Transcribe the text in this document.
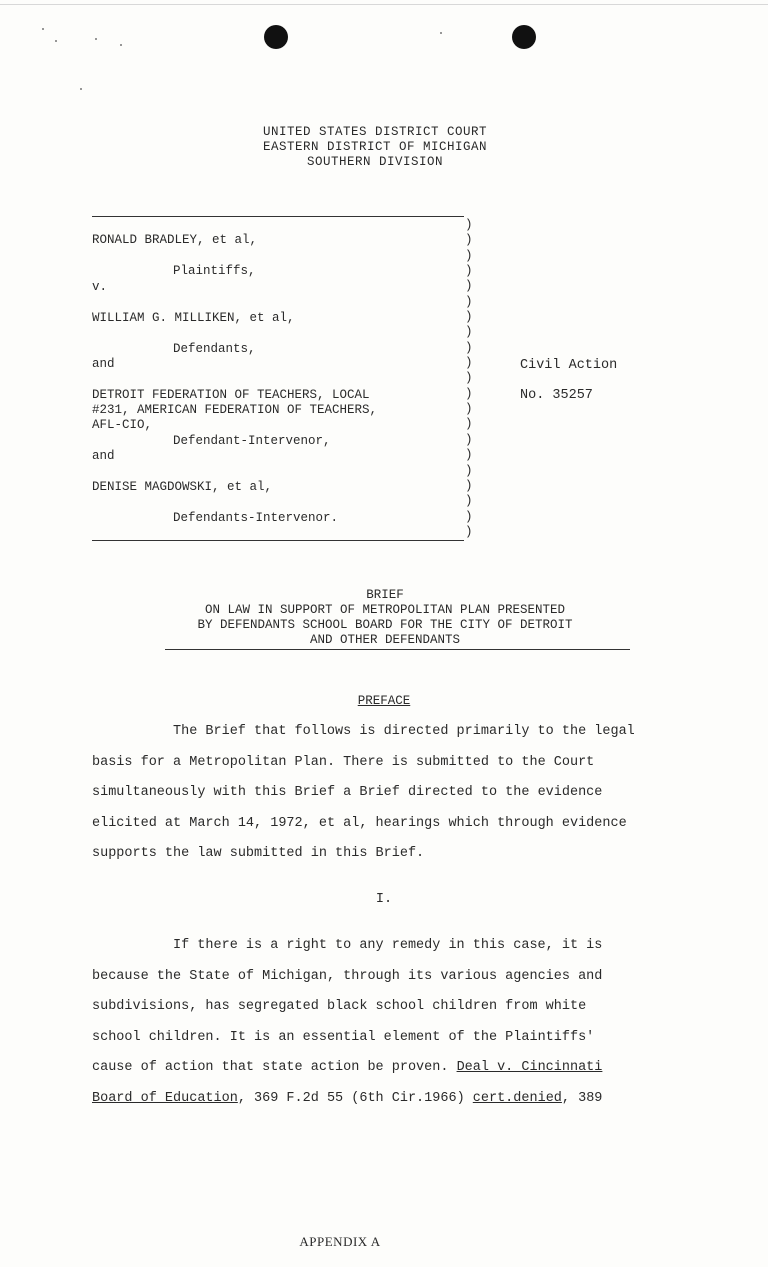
UNITED STATES DISTRICT COURT
EASTERN DISTRICT OF MICHIGAN
SOUTHERN DIVISION
)
)
)
)
)
)
)
)
)
)
)
)
)
)
)
)
)
)
)
)
)
RONALD BRADLEY, et al,
Plaintiffs,
v.
WILLIAM G. MILLIKEN, et al,
Defendants,
and
DETROIT FEDERATION OF TEACHERS, LOCAL
#231, AMERICAN FEDERATION OF TEACHERS,
AFL-CIO,
Defendant-Intervenor,
and
DENISE MAGDOWSKI, et al,
Defendants-Intervenor.
Civil Action
No. 35257
BRIEF
ON LAW IN SUPPORT OF METROPOLITAN PLAN PRESENTED
BY DEFENDANTS SCHOOL BOARD FOR THE CITY OF DETROIT
AND OTHER DEFENDANTS
PREFACE
The Brief that follows is directed primarily to the legal
basis for a Metropolitan Plan. There is submitted to the Court
simultaneously with this Brief a Brief directed to the evidence
elicited at March 14, 1972, et al, hearings which through evidence
supports the law submitted in this Brief.
I.
If there is a right to any remedy in this case, it is
because the State of Michigan, through its various agencies and
subdivisions, has segregated black school children from white
school children. It is an essential element of the Plaintiffs'
cause of action that state action be proven. Deal v. Cincinnati
Board of Education, 369 F.2d 55 (6th Cir.1966) cert.denied, 389
APPENDIX A
